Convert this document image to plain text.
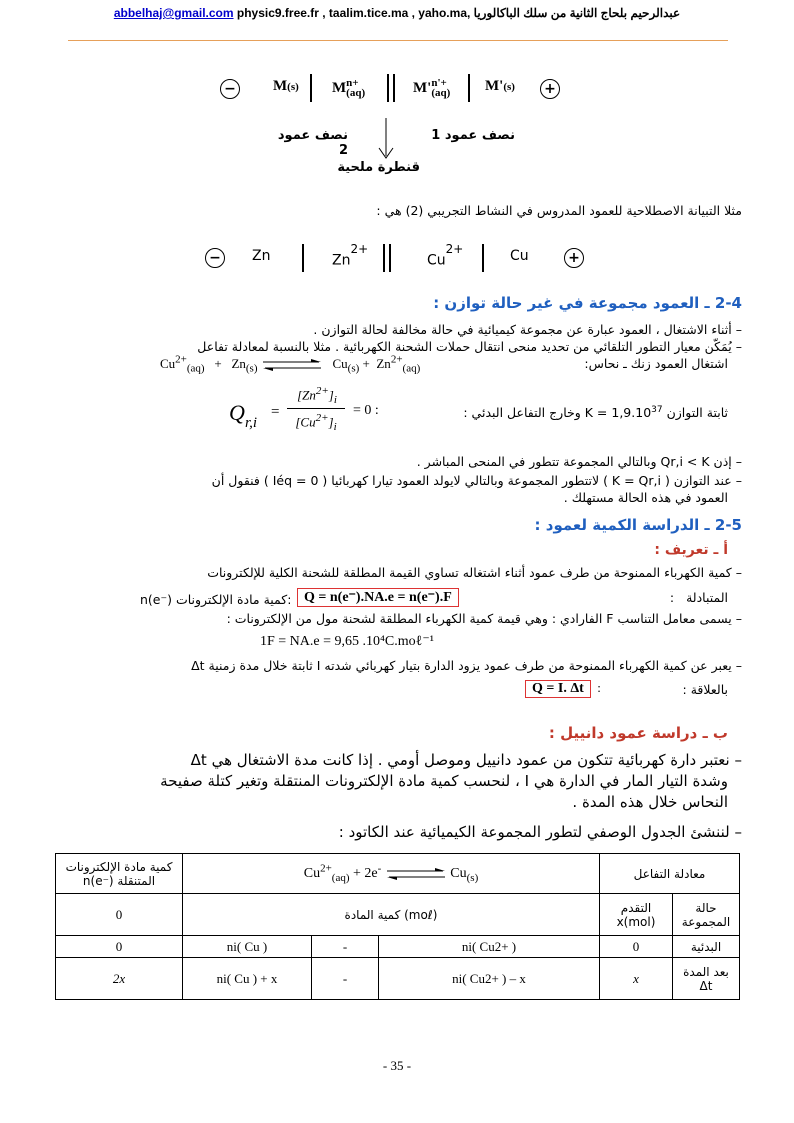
abbelhaj@gmail.com physic9.free.fr , taalim.tice.ma , yaho.ma, عبدالرحيم بلحاج الثانية من سلك الباكالوريا
− M (s) M n+
(aq)	M' n'+
(aq) M' (s) +
نصف عمود 2
نصف عمود 1
قنطرة ملحية
مثلا التبيانة الاصطلاحية للعمود المدروس في النشاط التجريبي (2) هي :
− Zn	$Zn^{2+}$
$Cu^{2+}$	Cu	+
2-4 ـ العمود مجموعة في غير حالة توازن :
– أثناء الاشتغال ، العمود عبارة عن مجموعة كيميائية في حالة مخالفة لحالة التوازن .
– يُمَكّن معيار التطور التلقائي من تحديد منحى انتقال حملات الشحنة الكهربائية . مثلا بالنسبة لمعادلة تفاعل
اشتغال العمود زنك ـ نحاس:
$Cu^{2+}_{(aq)} + Zn_{(s)}$	$Cu_{(s)} + Zn^{2+}_{(aq)}$
Q r,i
=
$[Zn^{2+}]_i$
$[Cu^{2+}]_i$
= 0 :	ثابتة التوازن $K = 1,9.10^{37}$ وخارج التفاعل البدئي :
– إذن Qr,i < K وبالتالي المجموعة تتطور في المنحى المباشر .
– عند التوازن ( K = Qr,i ) لاتتطور المجموعة وبالتالي لايولد العمود تيارا كهربائيا ( Iéq = 0 ) فنقول أن
العمود في هذه الحالة مستهلك .
2-5 ـ الدراسة الكمية لعمود :
أ ـ تعريف :
– كمية الكهرباء الممنوحة من طرف عمود أثناء اشتغاله تساوي القيمة المطلقة للشحنة الكلية للإلكترونات
المتبادلة   :
Q = n(e⁻).NA.e = n(e⁻).F
:كمية مادة الإلكترونات n(e⁻)
– يسمى معامل التناسب F الفارادي : وهي قيمة كمية الكهرباء المطلقة لشحنة مول من الإلكترونات :
1F = NA.e = 9,65 .10⁴C.moℓ⁻¹
– يعبر عن كمية الكهرباء الممنوحة من طرف عمود يزود الدارة بتيار كهربائي شدته I ثابتة خلال مدة زمنية Δt
بالعلاقة :
Q = I. Δt  :
ب ـ دراسة عمود دانييل :
– نعتبر دارة كهربائية تتكون من عمود دانييل وموصل أومي . إذا كانت مدة الاشتغال هي Δt
وشدة التيار المار في الدارة هي I ، لنحسب كمية مادة الإلكترونات المنتقلة وتغير كتلة صفيحة
النحاس خلال هذه المدة .
– لننشئ الجدول الوصفي لتطور المجموعة الكيميائية عند الكاتود :
كمية مادة الإلكترونات المتنقلة n(e⁻)	$Cu^{2+}_{(aq)} + 2e^-$ $Cu_{(s)}$			معادلة التفاعل	
0	كمية المادة (moℓ)			التقدم x(mol)	حالة المجموعة
0	ni( Cu )	-	ni( Cu2+ )	0	البدئية
2x	ni( Cu ) + x	-	ni( Cu2+ ) – x	x	بعد المدة Δt
- 35 -
